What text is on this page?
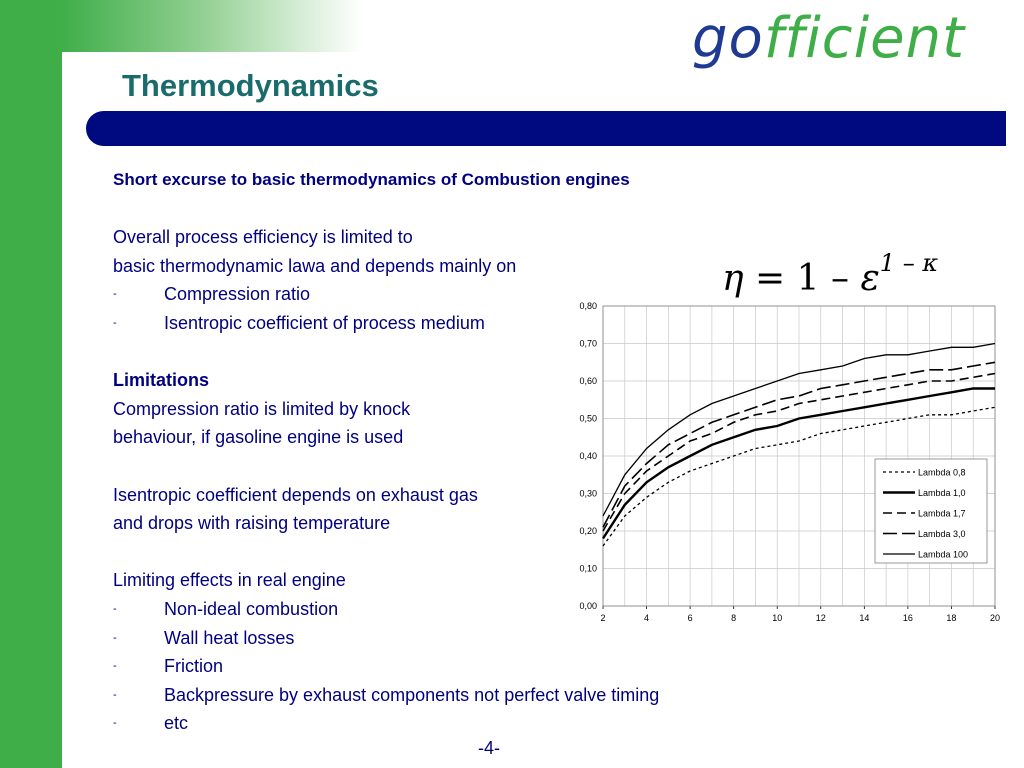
gofficient
Thermodynamics
Short excurse to basic thermodynamics of Combustion engines
Overall process efficiency is limited to
basic thermodynamic lawa and depends mainly on
-	Compression ratio
-	Isentropic coefficient of process medium
Limitations
Compression ratio is limited by knock
behaviour, if gasoline engine is used
Isentropic coefficient depends on exhaust gas
and drops with raising temperature
Limiting effects in real engine
-	Non-ideal combustion
-	Wall heat losses
-	Friction
-	Backpressure by exhaust components not perfect valve timing
-	etc
$\eta = 1 - \varepsilon^{1 - \kappa}$
0,00
0,10
0,20
0,30
0,40
0,50
0,60
0,70
0,80
2	4	6	8	10	12	14	16	18	20
Lambda 0,8
Lambda 1,0
Lambda 1,7
Lambda 3,0
Lambda 100
-4-
